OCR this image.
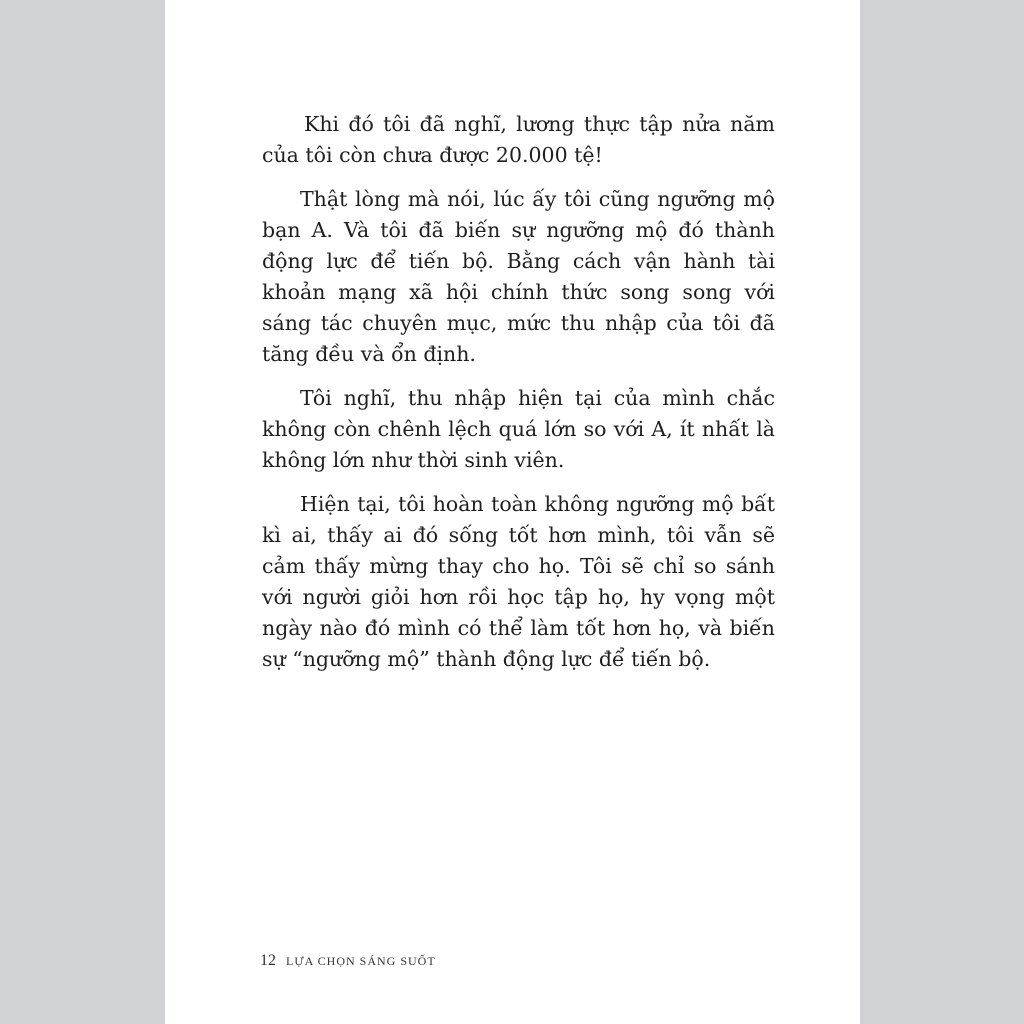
Khi đó tôi đã nghĩ, lương thực tập nửa năm của tôi còn chưa được 20.000 tệ!

Thật lòng mà nói, lúc ấy tôi cũng ngưỡng mộ bạn A. Và tôi đã biến sự ngưỡng mộ đó thành động lực để tiến bộ. Bằng cách vận hành tài khoản mạng xã hội chính thức song song với sáng tác chuyên mục, mức thu nhập của tôi đã tăng đều và ổn định.

Tôi nghĩ, thu nhập hiện tại của mình chắc không còn chênh lệch quá lớn so với A, ít nhất là không lớn như thời sinh viên.

Hiện tại, tôi hoàn toàn không ngưỡng mộ bất kì ai, thấy ai đó sống tốt hơn mình, tôi vẫn sẽ cảm thấy mừng thay cho họ. Tôi sẽ chỉ so sánh với người giỏi hơn rồi học tập họ, hy vọng một ngày nào đó mình có thể làm tốt hơn họ, và biến sự “ngưỡng mộ” thành động lực để tiến bộ.

12 LỰA CHỌN SÁNG SUỐT
